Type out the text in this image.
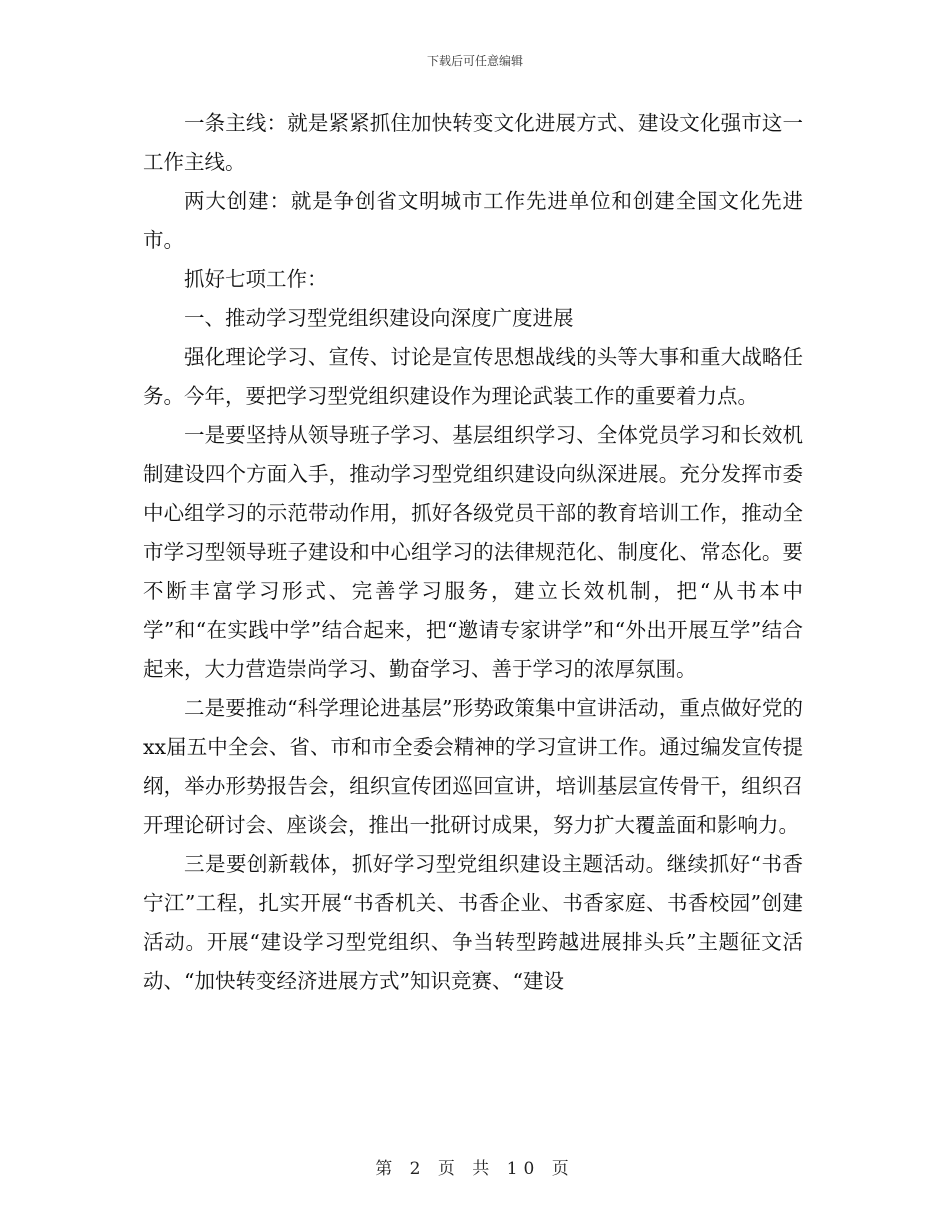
下载后可任意编辑

一条主线：就是紧紧抓住加快转变文化进展方式、建设文化强市这一工作主线。

两大创建：就是争创省文明城市工作先进单位和创建全国文化先进市。

抓好七项工作：

一、推动学习型党组织建设向深度广度进展

强化理论学习、宣传、讨论是宣传思想战线的头等大事和重大战略任务。今年，要把学习型党组织建设作为理论武装工作的重要着力点。

一是要坚持从领导班子学习、基层组织学习、全体党员学习和长效机制建设四个方面入手，推动学习型党组织建设向纵深进展。充分发挥市委中心组学习的示范带动作用，抓好各级党员干部的教育培训工作，推动全市学习型领导班子建设和中心组学习的法律规范化、制度化、常态化。要不断丰富学习形式、完善学习服务，建立长效机制，把“从书本中学”和“在实践中学”结合起来，把“邀请专家讲学”和“外出开展互学”结合起来，大力营造崇尚学习、勤奋学习、善于学习的浓厚氛围。

二是要推动“科学理论进基层”形势政策集中宣讲活动，重点做好党的xx届五中全会、省、市和市全委会精神的学习宣讲工作。通过编发宣传提纲，举办形势报告会，组织宣传团巡回宣讲，培训基层宣传骨干，组织召开理论研讨会、座谈会，推出一批研讨成果，努力扩大覆盖面和影响力。

三是要创新载体，抓好学习型党组织建设主题活动。继续抓好“书香宁江”工程，扎实开展“书香机关、书香企业、书香家庭、书香校园”创建活动。开展“建设学习型党组织、争当转型跨越进展排头兵”主题征文活动、“加快转变经济进展方式”知识竞赛、“建设

第 2 页 共 10 页
